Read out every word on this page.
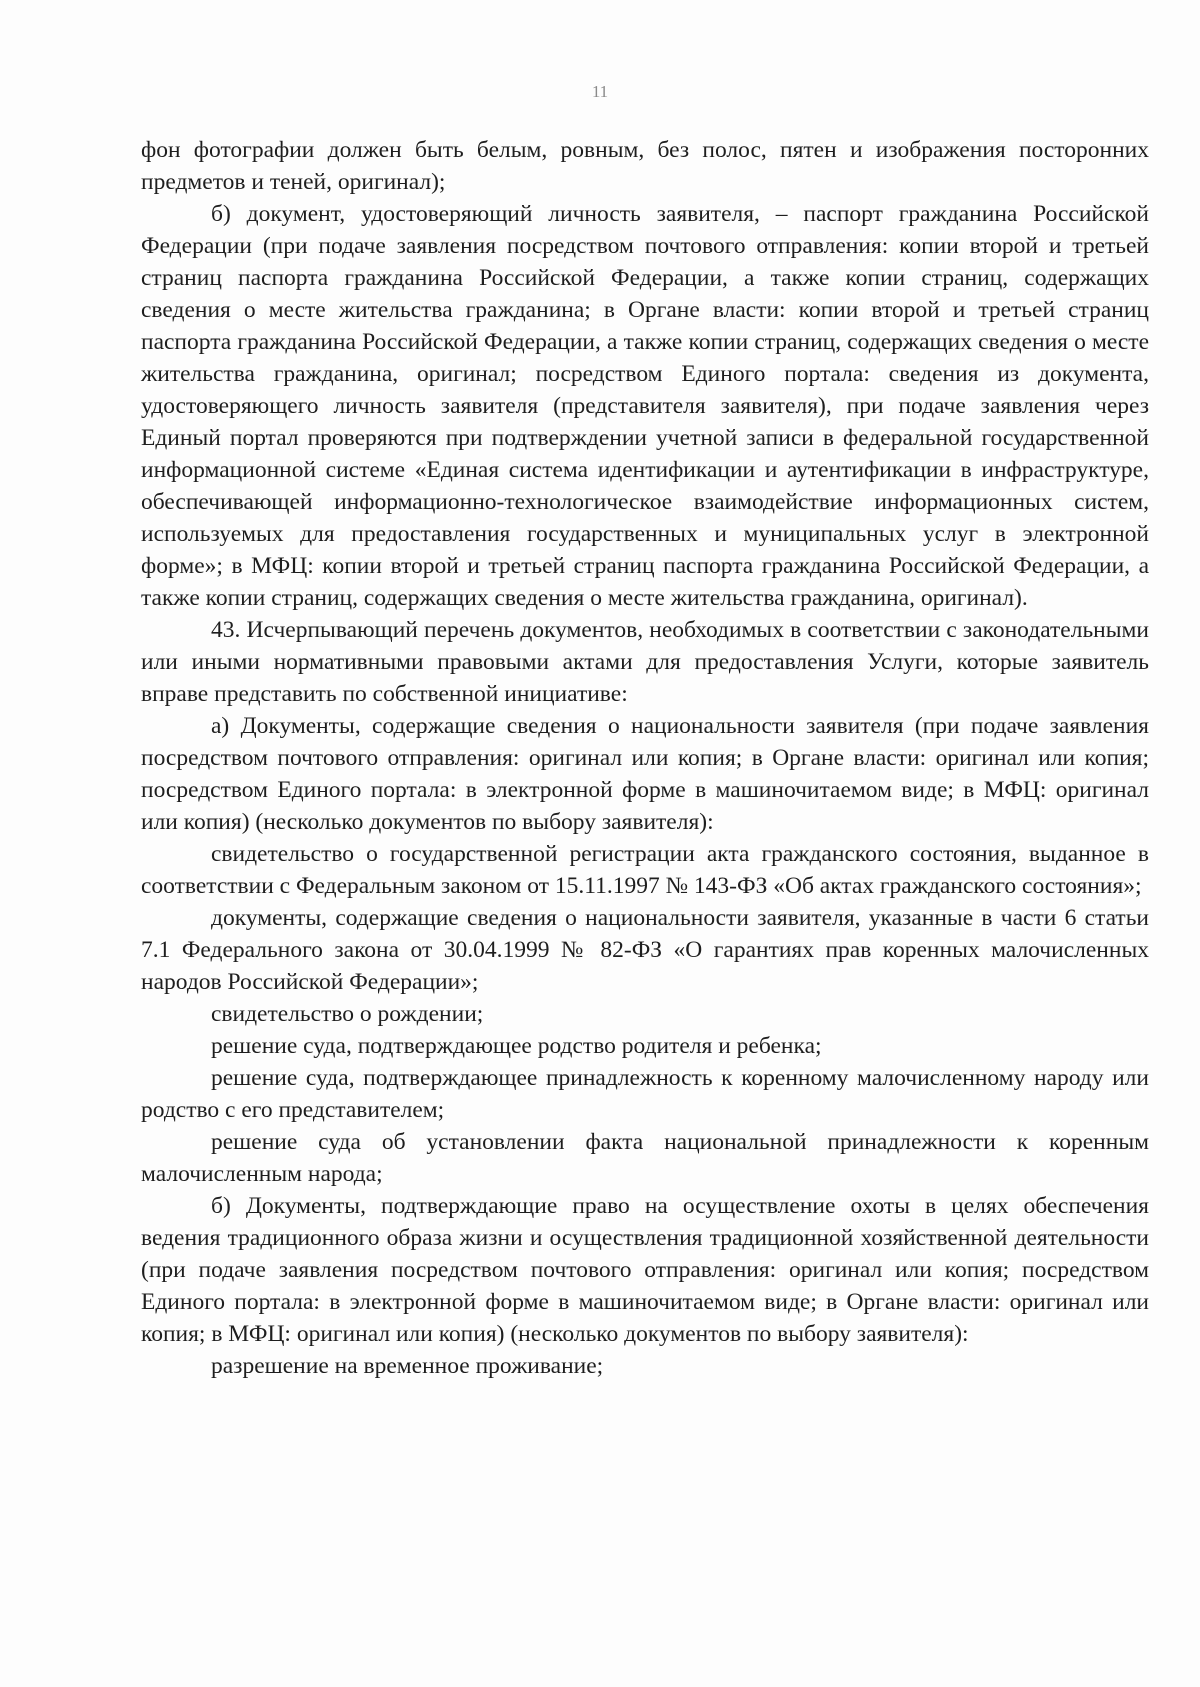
11

фон фотографии должен быть белым, ровным, без полос, пятен и изображения посторонних предметов и теней, оригинал);

б) документ, удостоверяющий личность заявителя, – паспорт гражданина Российской Федерации (при подаче заявления посредством почтового отправления: копии второй и третьей страниц паспорта гражданина Российской Федерации, а также копии страниц, содержащих сведения о месте жительства гражданина; в Органе власти: копии второй и третьей страниц паспорта гражданина Российской Федерации, а также копии страниц, содержащих сведения о месте жительства гражданина, оригинал; посредством Единого портала: сведения из документа, удостоверяющего личность заявителя (представителя заявителя), при подаче заявления через Единый портал проверяются при подтверждении учетной записи в федеральной государственной информационной системе «Единая система идентификации и аутентификации в инфраструктуре, обеспечивающей информационно-технологическое взаимодействие информационных систем, используемых для предоставления государственных и муниципальных услуг в электронной форме»; в МФЦ: копии второй и третьей страниц паспорта гражданина Российской Федерации, а также копии страниц, содержащих сведения о месте жительства гражданина, оригинал).

43. Исчерпывающий перечень документов, необходимых в соответствии с законодательными или иными нормативными правовыми актами для предоставления Услуги, которые заявитель вправе представить по собственной инициативе:

а) Документы, содержащие сведения о национальности заявителя (при подаче заявления посредством почтового отправления: оригинал или копия; в Органе власти: оригинал или копия; посредством Единого портала: в электронной форме в машиночитаемом виде; в МФЦ: оригинал или копия) (несколько документов по выбору заявителя):

свидетельство о государственной регистрации акта гражданского состояния, выданное в соответствии с Федеральным законом от 15.11.1997 № 143-ФЗ «Об актах гражданского состояния»;

документы, содержащие сведения о национальности заявителя, указанные в части 6 статьи 7.1 Федерального закона от 30.04.1999 № 82-ФЗ «О гарантиях прав коренных малочисленных народов Российской Федерации»;

свидетельство о рождении;

решение суда, подтверждающее родство родителя и ребенка;

решение суда, подтверждающее принадлежность к коренному малочисленному народу или родство с его представителем;

решение суда об установлении факта национальной принадлежности к коренным малочисленным народа;

б) Документы, подтверждающие право на осуществление охоты в целях обеспечения ведения традиционного образа жизни и осуществления традиционной хозяйственной деятельности (при подаче заявления посредством почтового отправления: оригинал или копия; посредством Единого портала: в электронной форме в машиночитаемом виде; в Органе власти: оригинал или копия; в МФЦ: оригинал или копия) (несколько документов по выбору заявителя):

разрешение на временное проживание;
